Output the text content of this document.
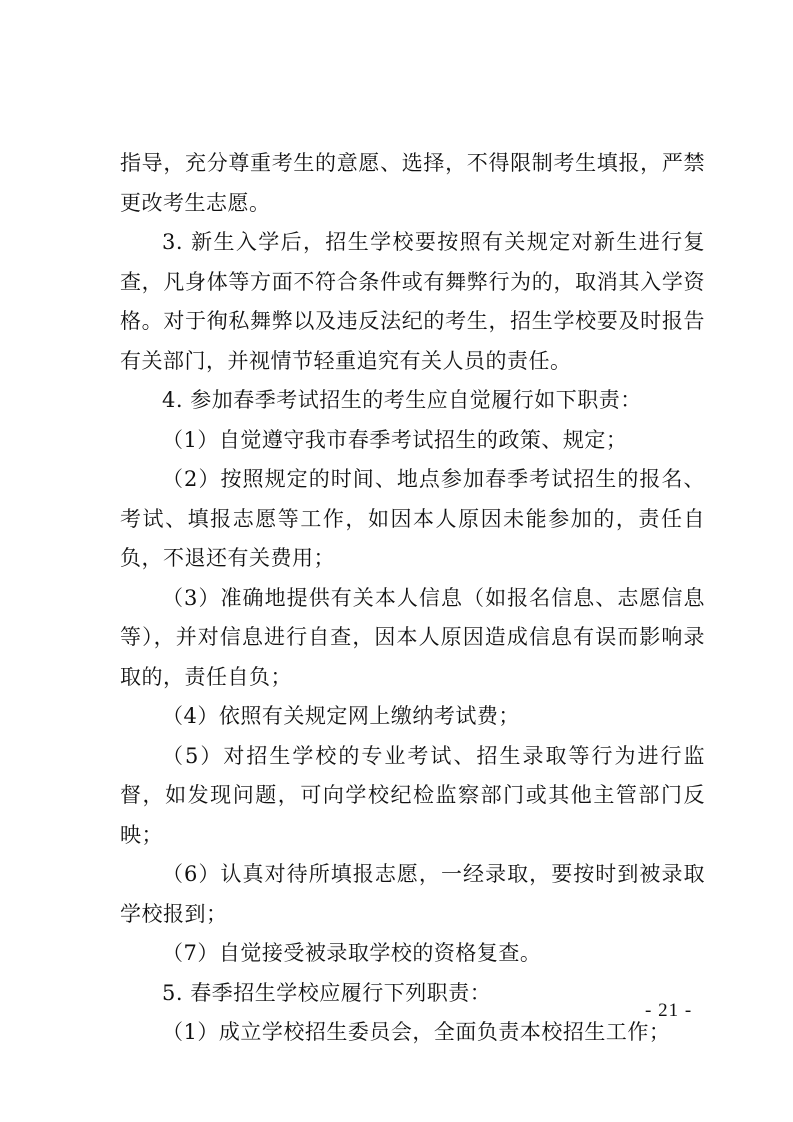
指导，充分尊重考生的意愿、选择，不得限制考生填报，严禁更改考生志愿。

3. 新生入学后，招生学校要按照有关规定对新生进行复查，凡身体等方面不符合条件或有舞弊行为的，取消其入学资格。对于徇私舞弊以及违反法纪的考生，招生学校要及时报告有关部门，并视情节轻重追究有关人员的责任。

4. 参加春季考试招生的考生应自觉履行如下职责：

（1）自觉遵守我市春季考试招生的政策、规定；

（2）按照规定的时间、地点参加春季考试招生的报名、考试、填报志愿等工作，如因本人原因未能参加的，责任自负，不退还有关费用；

（3）准确地提供有关本人信息（如报名信息、志愿信息等），并对信息进行自查，因本人原因造成信息有误而影响录取的，责任自负；

（4）依照有关规定网上缴纳考试费；

（5）对招生学校的专业考试、招生录取等行为进行监督，如发现问题，可向学校纪检监察部门或其他主管部门反映；

（6）认真对待所填报志愿，一经录取，要按时到被录取学校报到；

（7）自觉接受被录取学校的资格复查。

5. 春季招生学校应履行下列职责：

（1）成立学校招生委员会，全面负责本校招生工作；

- 21 -
